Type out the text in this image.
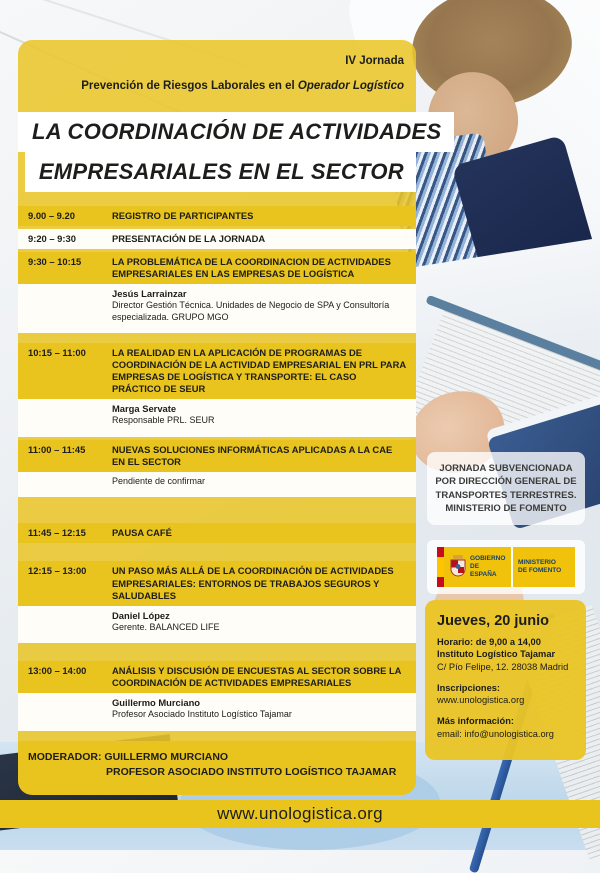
IV Jornada
Prevención de Riesgos Laborales en el Operador Logístico
LA COORDINACIÓN DE ACTIVIDADES
EMPRESARIALES EN EL SECTOR
9.00 – 9.20	REGISTRO DE PARTICIPANTES
9:20 – 9:30	PRESENTACIÓN DE LA JORNADA
9:30 – 10:15	LA PROBLEMÁTICA DE LA COORDINACION DE ACTIVIDADES EMPRESARIALES EN LAS EMPRESAS DE LOGÍSTICA
Jesús Larrainzar
Director Gestión Técnica. Unidades de Negocio de SPA y Consultoría especializada. GRUPO MGO
10:15 – 11:00	LA REALIDAD EN LA APLICACIÓN DE PROGRAMAS DE COORDINACIÓN DE LA ACTIVIDAD EMPRESARIAL EN PRL PARA EMPRESAS DE LOGÍSTICA Y TRANSPORTE: EL CASO PRÁCTICO DE SEUR
Marga Servate
Responsable PRL. SEUR
11:00 – 11:45	NUEVAS SOLUCIONES INFORMÁTICAS APLICADAS A LA CAE EN EL SECTOR
Pendiente de confirmar
11:45 – 12:15	PAUSA CAFÉ
12:15 – 13:00	UN PASO MÁS ALLÁ DE LA COORDINACIÓN DE ACTIVIDADES EMPRESARIALES: ENTORNOS DE TRABAJOS SEGUROS Y SALUDABLES
Daniel López
Gerente. BALANCED LIFE
13:00 – 14:00	ANÁLISIS Y DISCUSIÓN DE ENCUESTAS AL SECTOR SOBRE LA COORDINACIÓN DE ACTIVIDADES EMPRESARIALES
Guillermo Murciano
Profesor Asociado Instituto Logístico Tajamar
MODERADOR: GUILLERMO MURCIANO
PROFESOR ASOCIADO INSTITUTO LOGÍSTICO TAJAMAR
JORNADA SUBVENCIONADA POR DIRECCIÓN GENERAL DE TRANSPORTES TERRESTRES. MINISTERIO DE FOMENTO
GOBIERNO DE ESPAÑA
MINISTERIO DE FOMENTO
Jueves, 20 junio
Horario: de 9,00 a 14,00
Instituto Logístico Tajamar
C/ Pío Felipe, 12. 28038 Madrid
Inscripciones:
www.unologistica.org
Más información:
email: info@unologistica.org
www.unologistica.org
